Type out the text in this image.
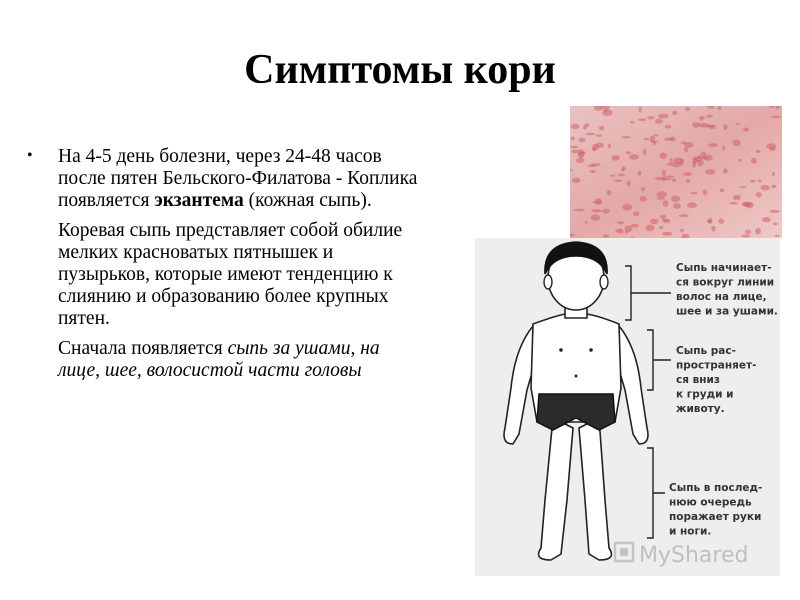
Симптомы кори
• На 4-5 день болезни, через 24-48 часов после пятен Бельского-Филатова - Коплика появляется экзантема (кожная сыпь).

Коревая сыпь представляет собой обилие мелких красноватых пятнышек и пузырьков, которые имеют тенденцию к слиянию и образованию более крупных пятен.

Сначала появляется сыпь за ушами, на лице, шее, волосистой части головы

Сыпь начинает-
ся вокруг линии
волос на лице,
шее и за ушами.
Сыпь рас-
пространяет-
ся вниз
к груди и
животу.
Сыпь в послед-
нюю очередь
поражает руки
и ноги.
MyShared
